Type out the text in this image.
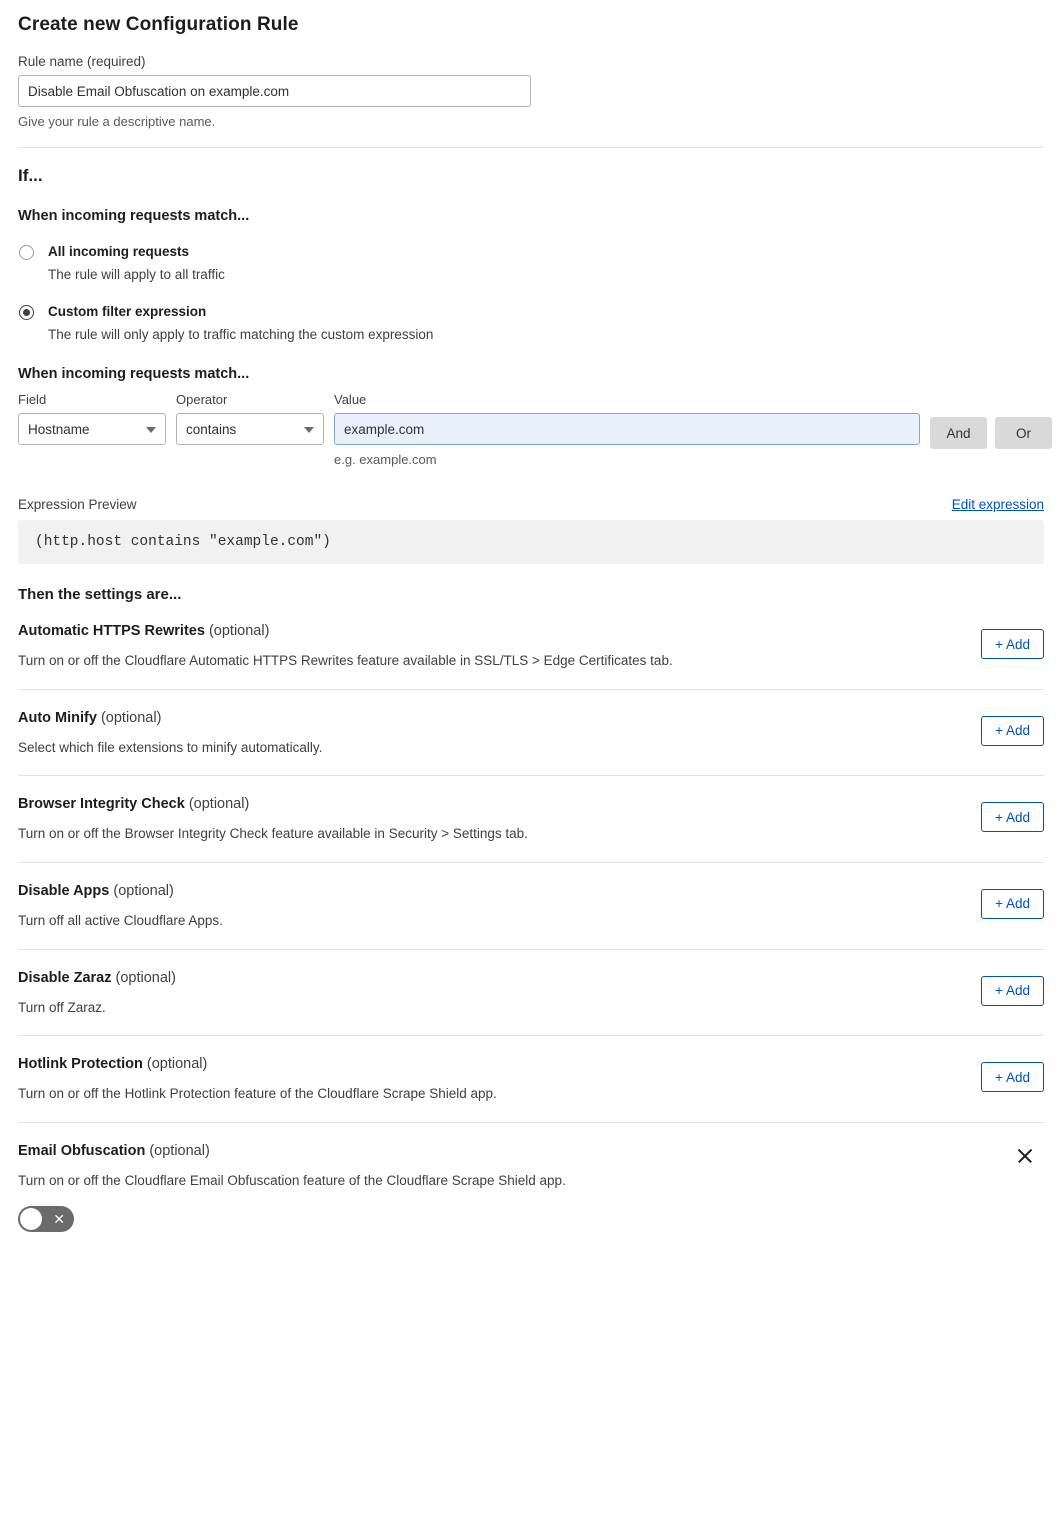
Create new Configuration Rule
Rule name (required)
Disable Email Obfuscation on example.com
Give your rule a descriptive name.
If...
When incoming requests match...
All incoming requests
The rule will apply to all traffic
Custom filter expression
The rule will only apply to traffic matching the custom expression
When incoming requests match...
Field
Hostname
Operator
contains
Value
example.com
e.g. example.com
And	Or
Expression Preview	Edit expression
(http.host contains "example.com")
Then the settings are...
Automatic HTTPS Rewrites (optional)
Turn on or off the Cloudflare Automatic HTTPS Rewrites feature available in SSL/TLS > Edge Certificates tab.
+ Add
Auto Minify (optional)
Select which file extensions to minify automatically.
+ Add
Browser Integrity Check (optional)
Turn on or off the Browser Integrity Check feature available in Security > Settings tab.
+ Add
Disable Apps (optional)
Turn off all active Cloudflare Apps.
+ Add
Disable Zaraz (optional)
Turn off Zaraz.
+ Add
Hotlink Protection (optional)
Turn on or off the Hotlink Protection feature of the Cloudflare Scrape Shield app.
+ Add
Email Obfuscation (optional)
Turn on or off the Cloudflare Email Obfuscation feature of the Cloudflare Scrape Shield app.
✕
